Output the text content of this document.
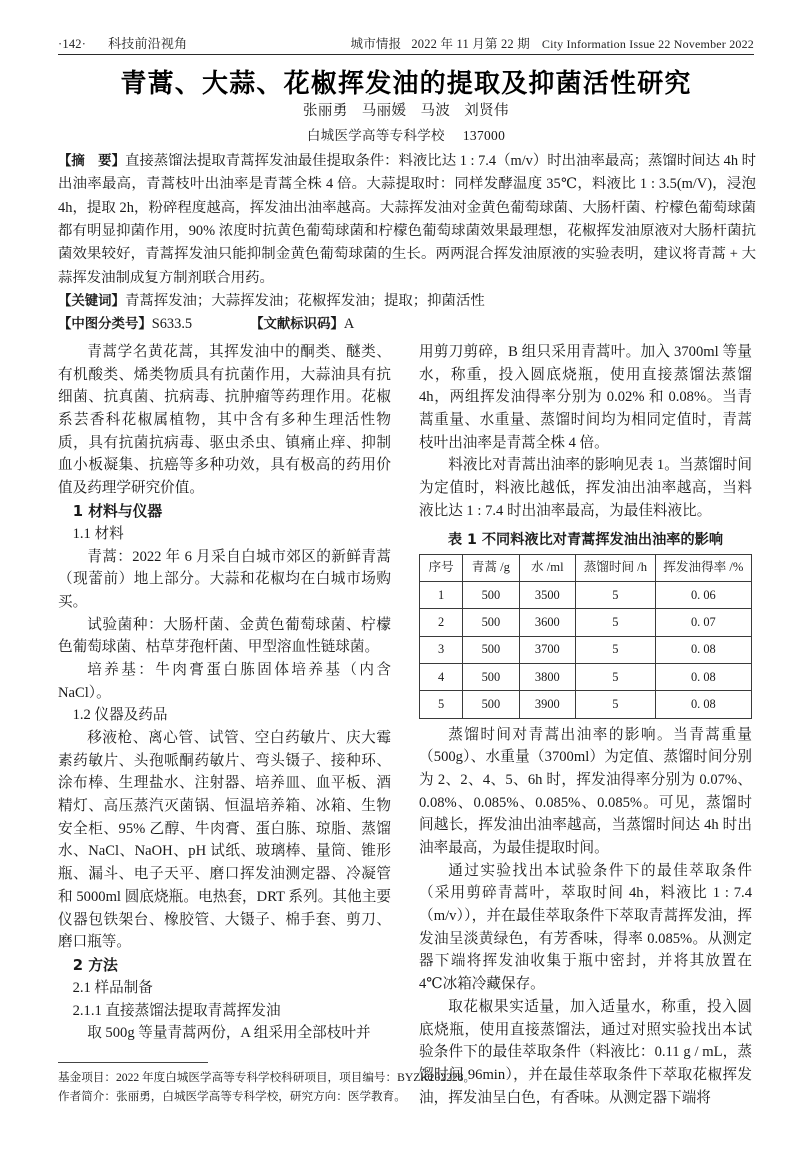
·142· 科技前沿视角	城市情报 2022 年 11 月第 22 期 City Information Issue 22 November 2022
青蒿、大蒜、花椒挥发油的提取及抑菌活性研究
张丽勇 马丽媛 马波 刘贤伟
白城医学高等专科学校 137000

【摘　要】直接蒸馏法提取青蒿挥发油最佳提取条件：料液比达 1 : 7.4（m/v）时出油率最高；蒸馏时间达 4h 时出油率最高，青蒿枝叶出油率是青蒿全株 4 倍。大蒜提取时：同样发酵温度 35℃，料液比 1 : 3.5(m/V)，浸泡 4h，提取 2h，粉碎程度越高，挥发油出油率越高。大蒜挥发油对金黄色葡萄球菌、大肠杆菌、柠檬色葡萄球菌都有明显抑菌作用，90% 浓度时抗黄色葡萄球菌和柠檬色葡萄球菌效果最理想，花椒挥发油原液对大肠杆菌抗菌效果较好，青蒿挥发油只能抑制金黄色葡萄球菌的生长。两两混合挥发油原液的实验表明，建议将青蒿 + 大蒜挥发油制成复方制剂联合用药。

【关键词】青蒿挥发油；大蒜挥发油；花椒挥发油；提取；抑菌活性

【中图分类号】S633.5	【文献标识码】A

青蒿学名黄花蒿，其挥发油中的酮类、醚类、有机酸类、烯类物质具有抗菌作用，大蒜油具有抗细菌、抗真菌、抗病毒、抗肿瘤等药理作用。花椒系芸香科花椒属植物，其中含有多种生理活性物质，具有抗菌抗病毒、驱虫杀虫、镇痛止痒、抑制血小板凝集、抗癌等多种功效，具有极高的药用价值及药理学研究价值。

1 材料与仪器
1.1 材料

青蒿：2022 年 6 月采自白城市郊区的新鲜青蒿（现蕾前）地上部分。大蒜和花椒均在白城市场购买。

试验菌种：大肠杆菌、金黄色葡萄球菌、柠檬色葡萄球菌、枯草芽孢杆菌、甲型溶血性链球菌。

培养基：牛肉膏蛋白胨固体培养基（内含 NaCl）。

1.2 仪器及药品

移液枪、离心管、试管、空白药敏片、庆大霉素药敏片、头孢哌酮药敏片、弯头镊子、接种环、涂布棒、生理盐水、注射器、培养皿、血平板、酒精灯、高压蒸汽灭菌锅、恒温培养箱、冰箱、生物安全柜、95% 乙醇、牛肉膏、蛋白胨、琼脂、蒸馏水、NaCl、NaOH、pH 试纸、玻璃棒、量筒、锥形瓶、漏斗、电子天平、磨口挥发油测定器、冷凝管和 5000ml 圆底烧瓶。电热套，DRT 系列。其他主要仪器包铁架台、橡胶管、大镊子、棉手套、剪刀、磨口瓶等。

2 方法
2.1 样品制备
2.1.1 直接蒸馏法提取青蒿挥发油

取 500g 等量青蒿两份，A 组采用全部枝叶并

用剪刀剪碎，B 组只采用青蒿叶。加入 3700ml 等量水，称重，投入圆底烧瓶，使用直接蒸馏法蒸馏 4h，两组挥发油得率分别为 0.02% 和 0.08%。当青蒿重量、水重量、蒸馏时间均为相同定值时，青蒿枝叶出油率是青蒿全株 4 倍。

料液比对青蒿出油率的影响见表 1。当蒸馏时间为定值时，料液比越低，挥发油出油率越高，当料液比达 1 : 7.4 时出油率最高，为最佳料液比。

表 1 不同料液比对青蒿挥发油出油率的影响
序号	青蒿 /g	水 /ml	蒸馏时间 /h	挥发油得率 /%
1	500	3500	5	0. 06
2	500	3600	5	0. 07
3	500	3700	5	0. 08
4	500	3800	5	0. 08
5	500	3900	5	0. 08

蒸馏时间对青蒿出油率的影响。当青蒿重量（500g）、水重量（3700ml）为定值、蒸馏时间分别为 2、2、4、5、6h 时，挥发油得率分别为 0.07%、0.08%、0.085%、0.085%、0.085%。可见，蒸馏时间越长，挥发油出油率越高，当蒸馏时间达 4h 时出油率最高，为最佳提取时间。

通过实验找出本试验条件下的最佳萃取条件（采用剪碎青蒿叶，萃取时间 4h，料液比 1 : 7.4（m/v）），并在最佳萃取条件下萃取青蒿挥发油，挥发油呈淡黄绿色，有芳香味，得率 0.085%。从测定器下端将挥发油收集于瓶中密封，并将其放置在 4℃冰箱冷藏保存。

取花椒果实适量，加入适量水，称重，投入圆底烧瓶，使用直接蒸馏法，通过对照实验找出本试验条件下的最佳萃取条件（料液比：0.11 g / mL，蒸馏时间 96min），并在最佳萃取条件下萃取花椒挥发油，挥发油呈白色，有香味。从测定器下端将

基金项目：2022 年度白城医学高等专科学校科研项目，项目编号：BYZK202228。

作者简介：张丽勇，白城医学高等专科学校，研究方向：医学教育。
